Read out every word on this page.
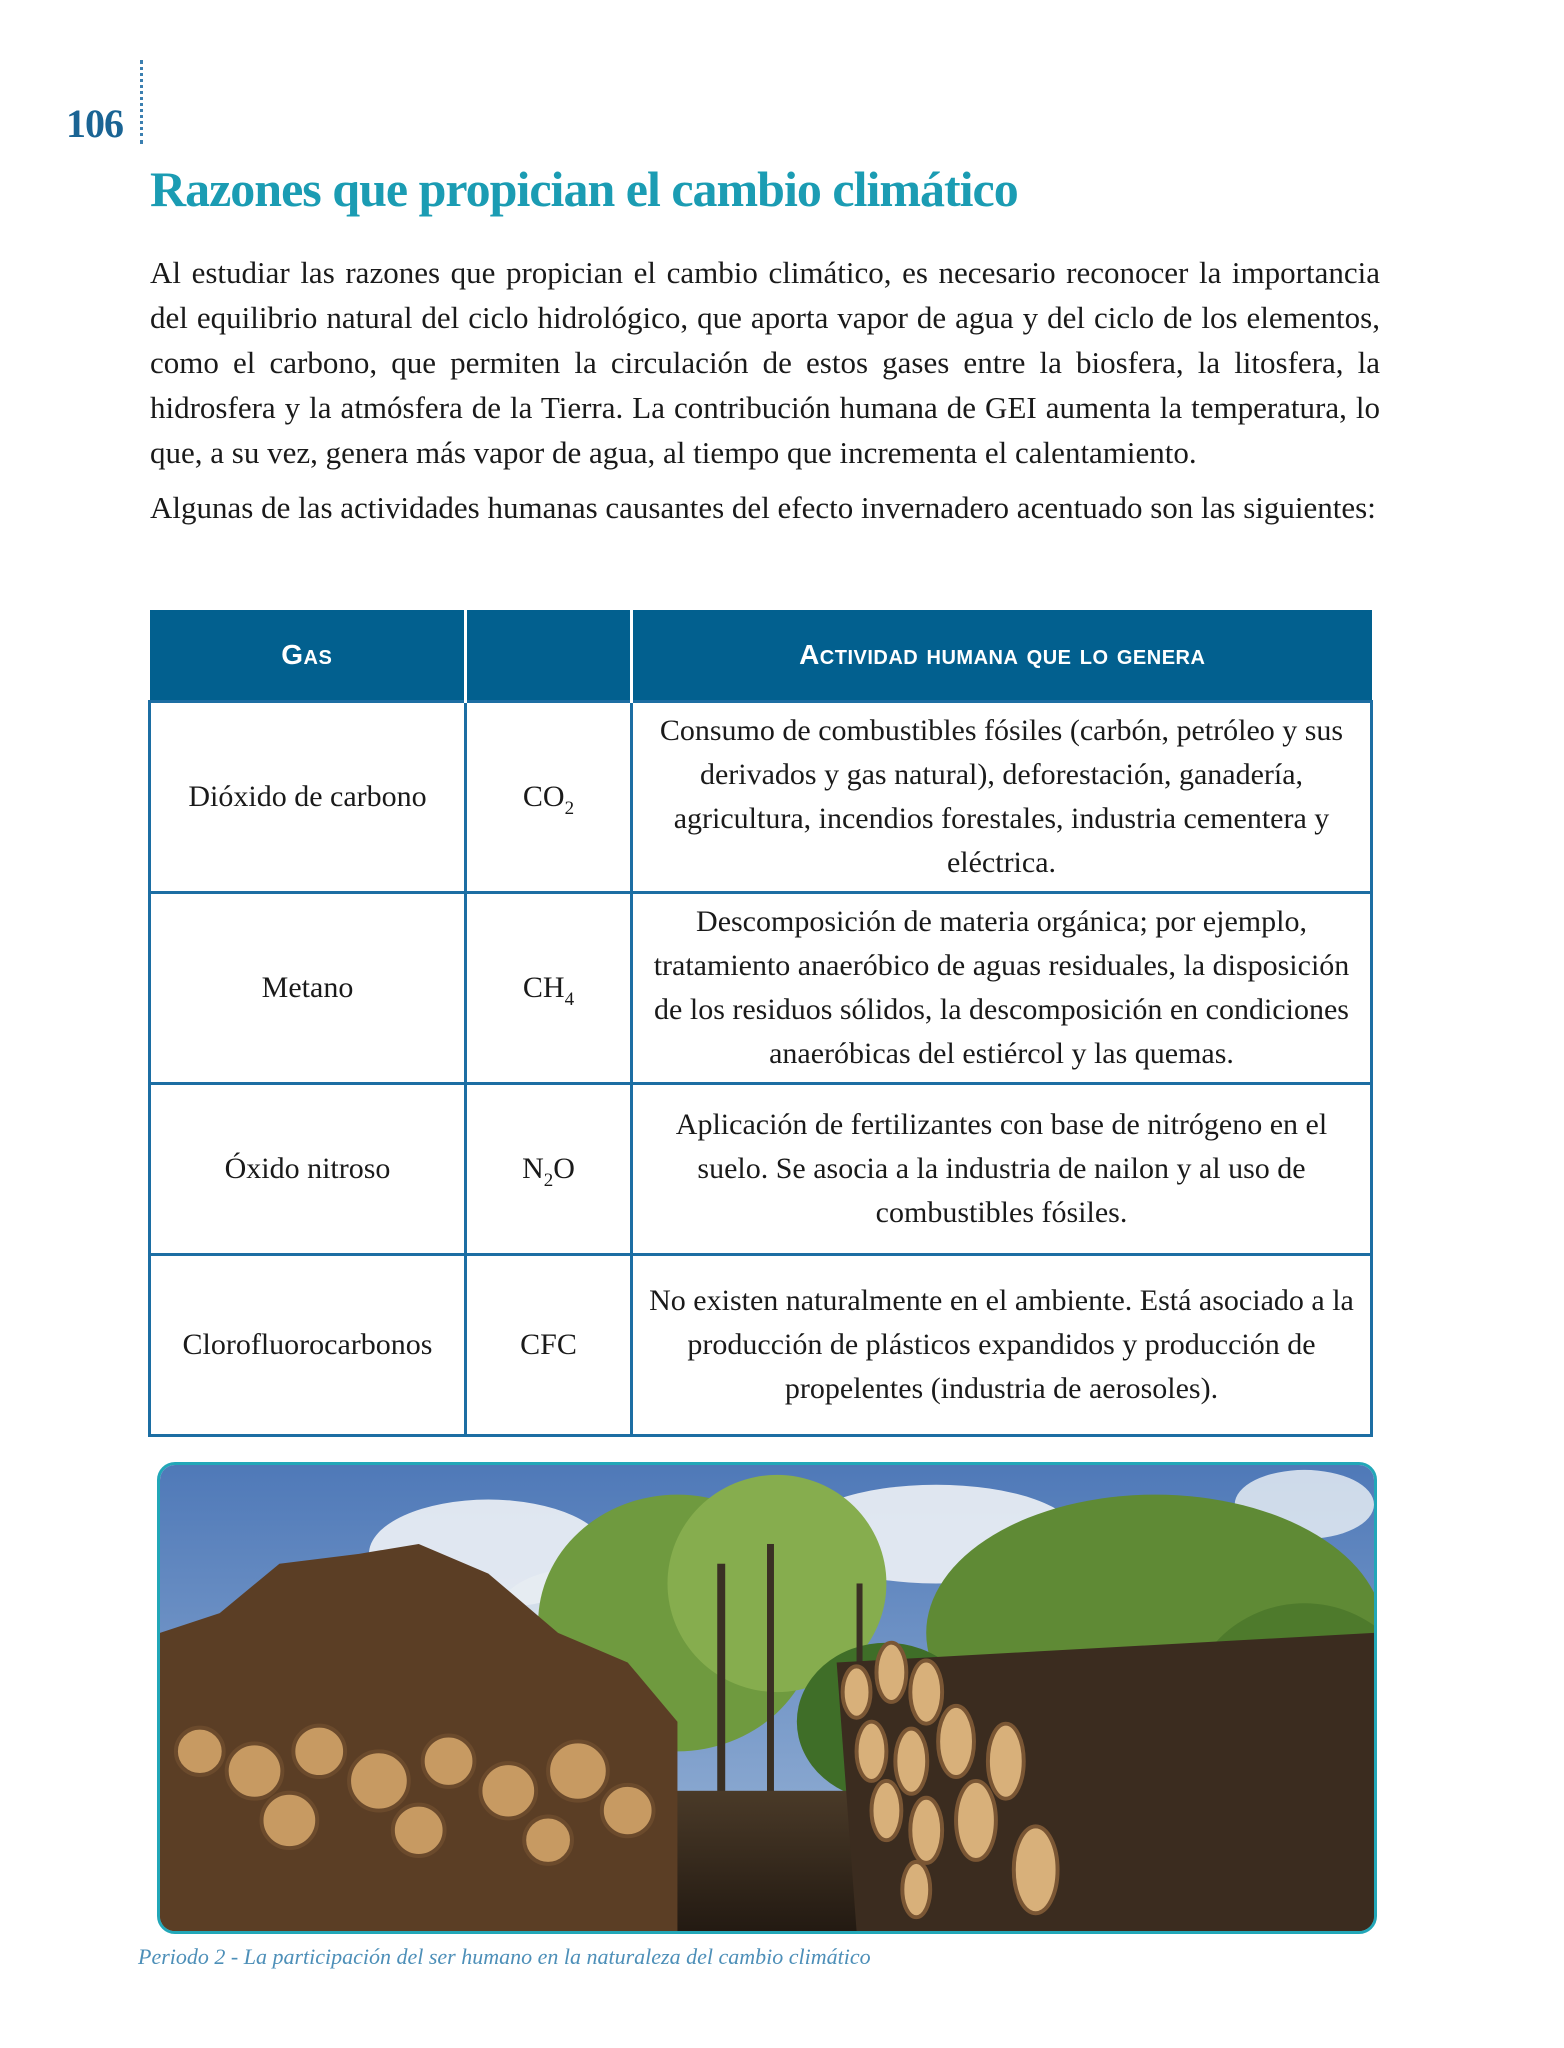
106
Razones que propician el cambio climático

Al estudiar las razones que propician el cambio climático, es necesario reconocer la importancia del equilibrio natural del ciclo hidrológico, que aporta vapor de agua y del ciclo de los elementos, como el carbono, que permiten la circulación de estos gases entre la biosfera, la litosfera, la hidrosfera y la atmósfera de la Tierra. La contribución humana de GEI aumenta la temperatura, lo que, a su vez, genera más vapor de agua, al tiempo que incrementa el calentamiento.

Algunas de las actividades humanas causantes del efecto invernadero acentuado son las siguientes:

Gas		Actividad humana que lo genera
Dióxido de carbono	$CO_2$	Consumo de combustibles fósiles (carbón, petróleo y sus derivados y gas natural), deforestación, ganadería, agricultura, incendios forestales, industria cementera y eléctrica.
Metano	$CH_4$	Descomposición de materia orgánica; por ejemplo, tratamiento anaeróbico de aguas residuales, la disposición de los residuos sólidos, la descomposición en condiciones anaeróbicas del estiércol y las quemas.
Óxido nitroso	$N_2O$	Aplicación de fertilizantes con base de nitrógeno en el suelo. Se asocia a la industria de nailon y al uso de combustibles fósiles.
Clorofluorocarbonos	CFC	No existen naturalmente en el ambiente. Está asociado a la producción de plásticos expandidos y producción de propelentes (industria de aerosoles).
Periodo 2 - La participación del ser humano en la naturaleza del cambio climático
